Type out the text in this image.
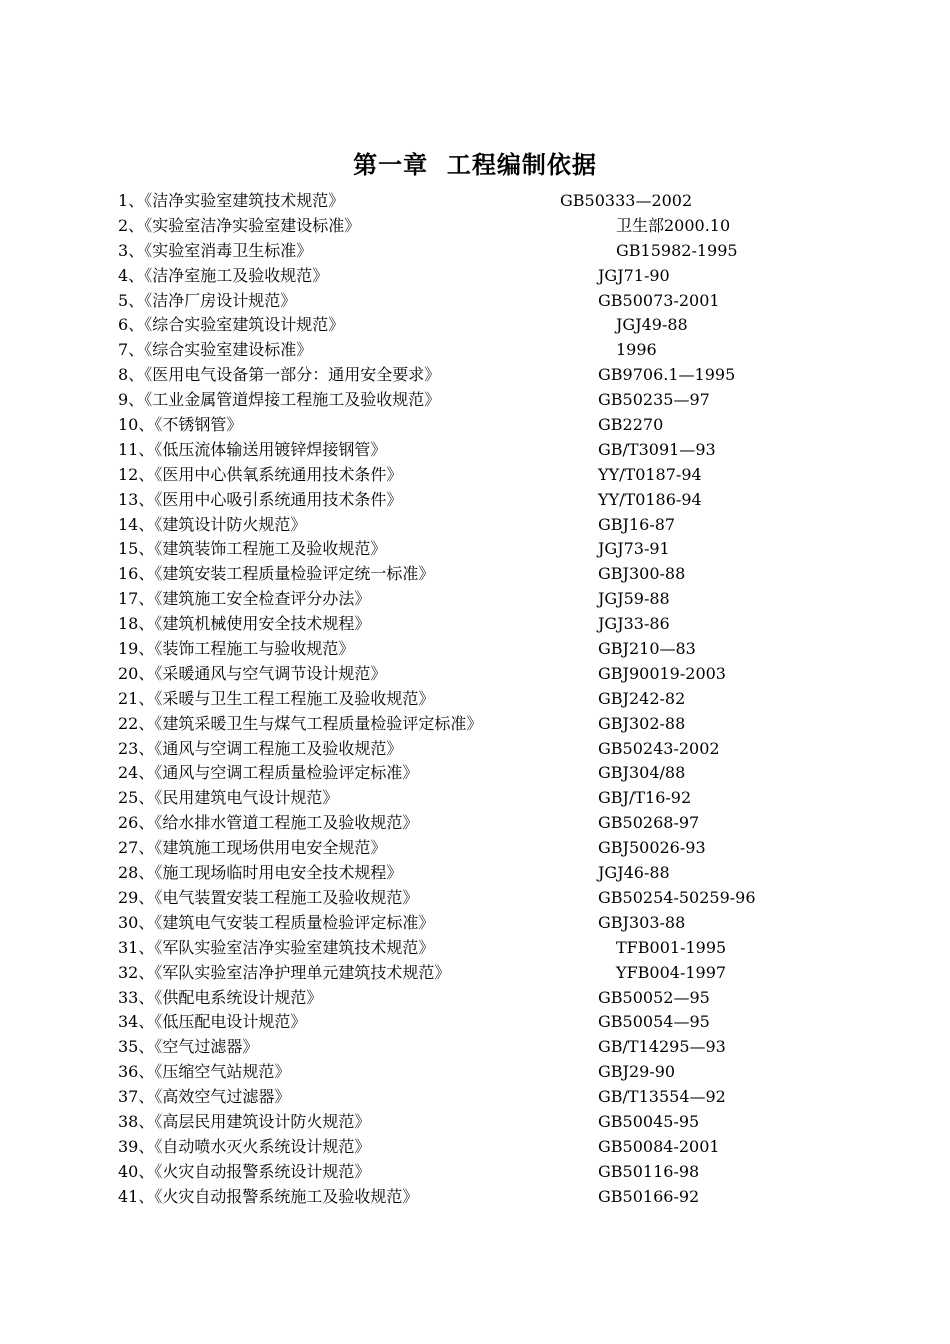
第一章  工程编制依据
1、《洁净实验室建筑技术规范》	GB50333—2002
2、《实验室洁净实验室建设标准》	卫生部2000.10
3、《实验室消毒卫生标准》	GB15982-1995
4、《洁净室施工及验收规范》	JGJ71-90
5、《洁净厂房设计规范》	GB50073-2001
6、《综合实验室建筑设计规范》	JGJ49-88
7、《综合实验室建设标准》	1996
8、《医用电气设备第一部分：通用安全要求》	GB9706.1—1995
9、《工业金属管道焊接工程施工及验收规范》	GB50235—97
10、《不锈钢管》	GB2270
11、《低压流体输送用镀锌焊接钢管》	GB/T3091—93
12、《医用中心供氧系统通用技术条件》	YY/T0187-94
13、《医用中心吸引系统通用技术条件》	YY/T0186-94
14、《建筑设计防火规范》	GBJ16-87
15、《建筑装饰工程施工及验收规范》	JGJ73-91
16、《建筑安装工程质量检验评定统一标准》	GBJ300-88
17、《建筑施工安全检查评分办法》	JGJ59-88
18、《建筑机械使用安全技术规程》	JGJ33-86
19、《装饰工程施工与验收规范》	GBJ210—83
20、《采暖通风与空气调节设计规范》	GBJ90019-2003
21、《采暖与卫生工程工程施工及验收规范》	GBJ242-82
22、《建筑采暖卫生与煤气工程质量检验评定标准》	GBJ302-88
23、《通风与空调工程施工及验收规范》	GB50243-2002
24、《通风与空调工程质量检验评定标准》	GBJ304/88
25、《民用建筑电气设计规范》	GBJ/T16-92
26、《给水排水管道工程施工及验收规范》	GB50268-97
27、《建筑施工现场供用电安全规范》	GBJ50026-93
28、《施工现场临时用电安全技术规程》	JGJ46-88
29、《电气装置安装工程施工及验收规范》	GB50254-50259-96
30、《建筑电气安装工程质量检验评定标准》	GBJ303-88
31、《军队实验室洁净实验室建筑技术规范》	TFB001-1995
32、《军队实验室洁净护理单元建筑技术规范》	YFB004-1997
33、《供配电系统设计规范》	GB50052—95
34、《低压配电设计规范》	GB50054—95
35、《空气过滤器》	GB/T14295—93
36、《压缩空气站规范》	GBJ29-90
37、《高效空气过滤器》	GB/T13554—92
38、《高层民用建筑设计防火规范》	GB50045-95
39、《自动喷水灭火系统设计规范》	GB50084-2001
40、《火灾自动报警系统设计规范》	GB50116-98
41、《火灾自动报警系统施工及验收规范》	GB50166-92
